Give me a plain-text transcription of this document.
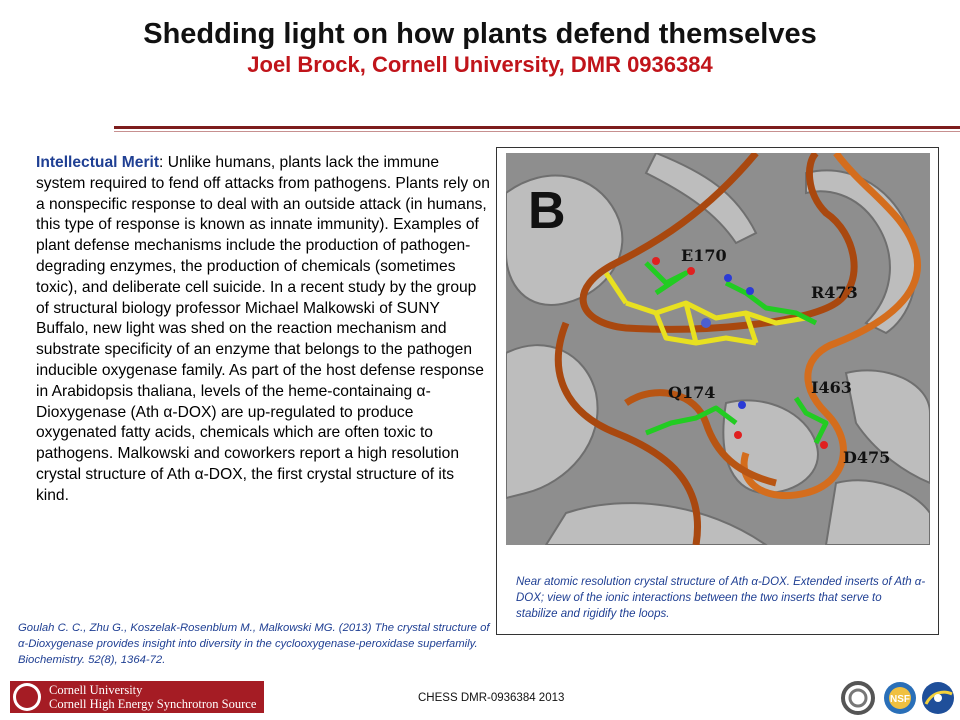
Shedding light on how plants defend themselves
Joel Brock, Cornell University, DMR 0936384

Intellectual Merit: Unlike humans, plants lack the immune system required to fend off attacks from pathogens. Plants rely on a nonspecific response to deal with an outside attack (in humans, this type of response is known as innate immunity). Examples of plant defense mechanisms include the production of pathogen-degrading enzymes, the production of chemicals (sometimes toxic), and deliberate cell suicide. In a recent study by the group of structural biology professor Michael Malkowski of SUNY Buffalo, new light was shed on the reaction mechanism and substrate specificity of an enzyme that belongs to the pathogen inducible oxygenase family. As part of the host defense response in Arabidopsis thaliana, levels of the heme-containaing α-Dioxygenase (Ath α-DOX) are up-regulated to produce oxygenated fatty acids, chemicals which are often toxic to pathogens. Malkowski and coworkers report a high resolution crystal structure of Ath α-DOX, the first crystal structure of its kind.

Goulah C. C., Zhu G., Koszelak-Rosenblum M., Malkowski MG. (2013) The crystal structure of α-Dioxygenase provides insight into diversity in the cyclooxygenase-peroxidase superfamily. Biochemistry. 52(8), 1364-72.

B
E170
R473
Q174	I463
D475

Near atomic resolution crystal structure of Ath α-DOX. Extended inserts of Ath α-DOX; view of the ionic interactions between the two inserts that serve to stabilize and rigidify the loops.

Cornell University
Cornell High Energy Synchrotron Source	CHESS DMR-0936384 2013	NSF
